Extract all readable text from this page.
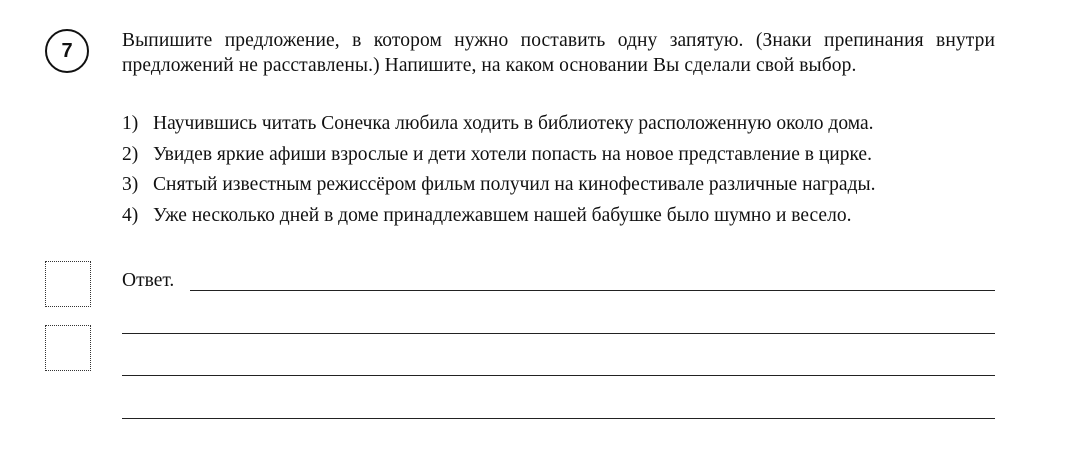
7	Выпишите предложение, в котором нужно поставить одну запятую. (Знаки препинания внутри предложений не расставлены.) Напишите, на каком основании Вы сделали свой выбор.
1) Научившись читать Сонечка любила ходить в библиотеку расположенную около дома.
2) Увидев яркие афиши взрослые и дети хотели попасть на новое представление в цирке.
3) Снятый известным режиссёром фильм получил на кинофестивале различные награды.
4) Уже несколько дней в доме принадлежавшем нашей бабушке было шумно и весело.
Ответ.
